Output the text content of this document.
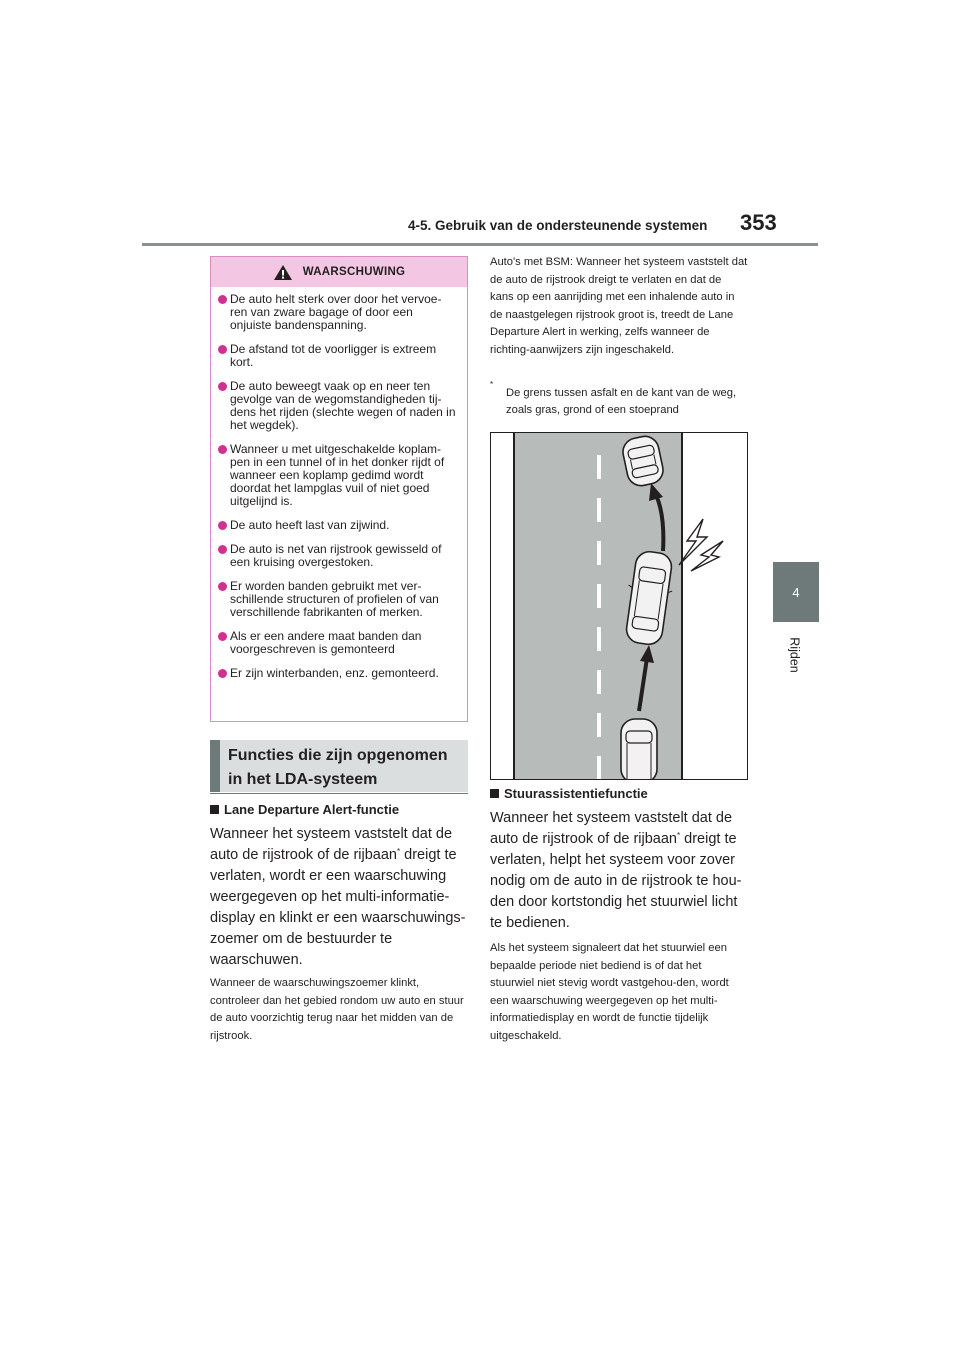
4-5. Gebruik van de ondersteunende systemen 353
4
Rijden
WAARSCHUWING
De auto helt sterk over door het vervoe-ren van zware bagage of door een onjuiste bandenspanning.
De afstand tot de voorligger is extreem kort.
De auto beweegt vaak op en neer ten gevolge van de wegomstandigheden tij-dens het rijden (slechte wegen of naden in het wegdek).
Wanneer u met uitgeschakelde koplam-pen in een tunnel of in het donker rijdt of wanneer een koplamp gedimd wordt doordat het lampglas vuil of niet goed uitgelijnd is.
De auto heeft last van zijwind.
De auto is net van rijstrook gewisseld of een kruising overgestoken.
Er worden banden gebruikt met ver-schillende structuren of profielen of van verschillende fabrikanten of merken.
Als er een andere maat banden dan voorgeschreven is gemonteerd
Er zijn winterbanden, enz. gemonteerd.
Functies die zijn opgenomen
in het LDA-systeem
Lane Departure Alert-functie
Wanneer het systeem vaststelt dat de auto de rijstrook of de rijbaan* dreigt te verlaten, wordt er een waarschuwing weergegeven op het multi-informatie-display en klinkt er een waarschuwings-zoemer om de bestuurder te waarschuwen.
Wanneer de waarschuwingszoemer klinkt, controleer dan het gebied rondom uw auto en stuur de auto voorzichtig terug naar het midden van de rijstrook.
Auto's met BSM: Wanneer het systeem vaststelt dat de auto de rijstrook dreigt te verlaten en dat de kans op een aanrijding met een inhalende auto in de naastgelegen rijstrook groot is, treedt de Lane Departure Alert in werking, zelfs wanneer de richting-aanwijzers zijn ingeschakeld.
*
De grens tussen asfalt en de kant van de weg, zoals gras, grond of een stoeprand
Stuurassistentiefunctie
Wanneer het systeem vaststelt dat de auto de rijstrook of de rijbaan* dreigt te verlaten, helpt het systeem voor zover nodig om de auto in de rijstrook te hou-den door kortstondig het stuurwiel licht te bedienen.
Als het systeem signaleert dat het stuurwiel een bepaalde periode niet bediend is of dat het stuurwiel niet stevig wordt vastgehou-den, wordt een waarschuwing weergegeven op het multi-informatiedisplay en wordt de functie tijdelijk uitgeschakeld.
